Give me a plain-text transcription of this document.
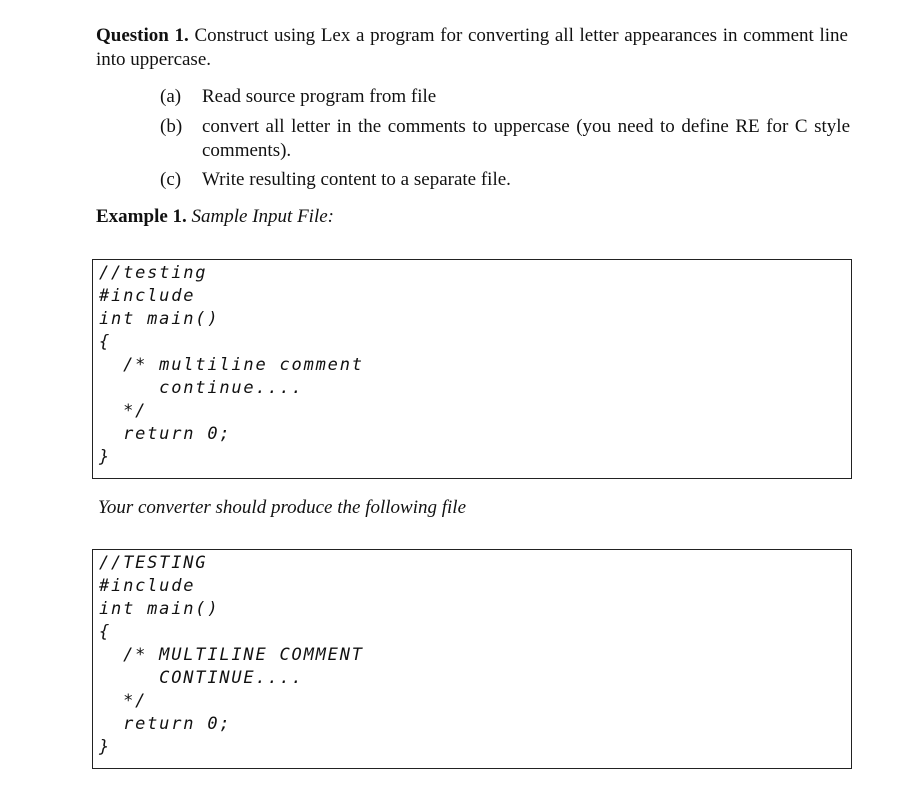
Question 1. Construct using Lex a program for converting all letter appearances in comment line into uppercase.
(a)	Read source program from file
(b)	convert all letter in the comments to uppercase (you need to define RE for C style comments).
(c)	Write resulting content to a separate file.
Example 1. Sample Input File:
//testing
#include
int main()
{
/* multiline comment
continue....
*/
return 0;
}
Your converter should produce the following file
//TESTING
#include
int main()
{
/* MULTILINE COMMENT
CONTINUE....
*/
return 0;
}
